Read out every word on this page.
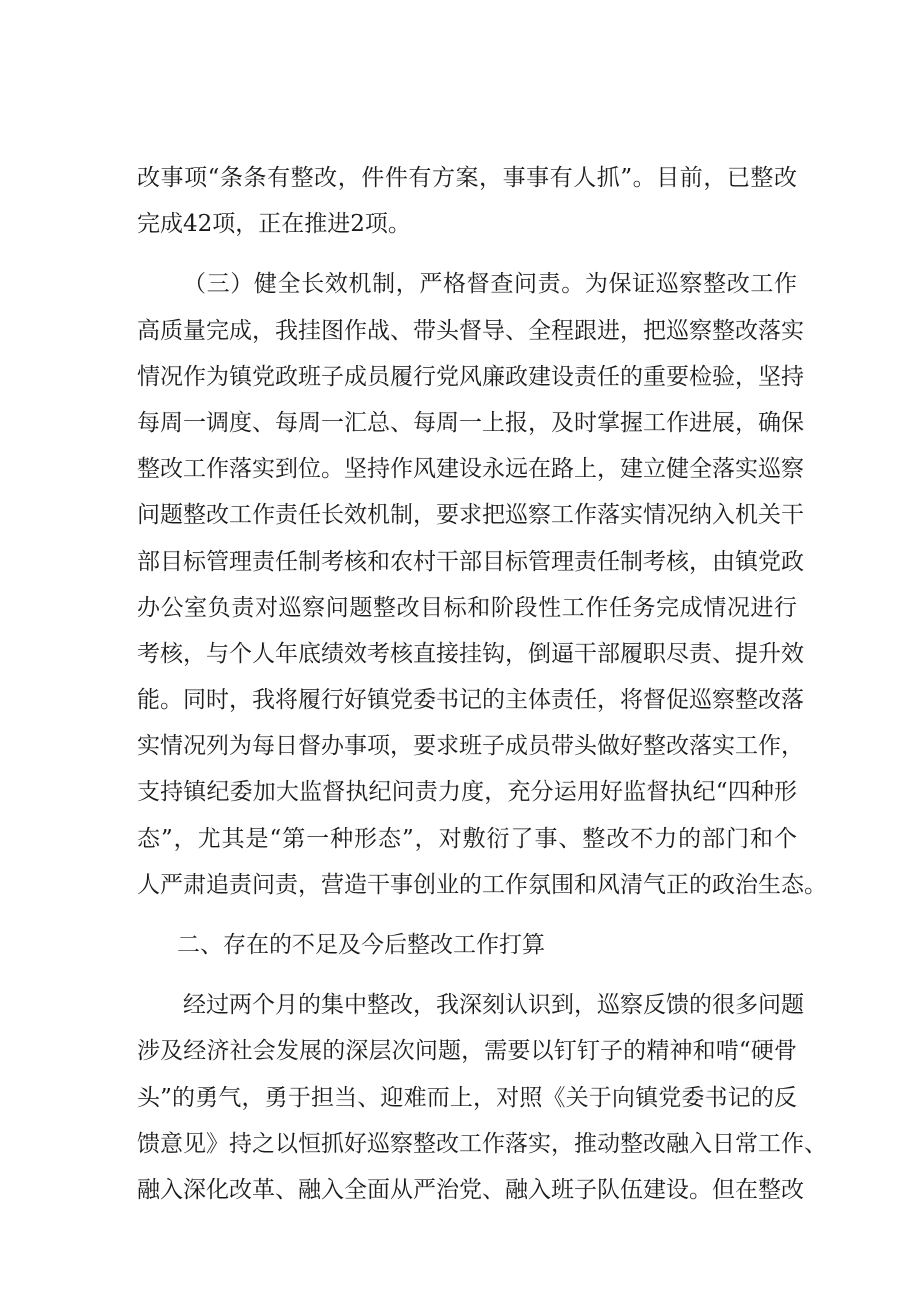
改事项“条条有整改，件件有方案，事事有人抓”。目前，已整改
完成42项，正在推进2项。
（三）健全长效机制，严格督查问责。为保证巡察整改工作
高质量完成，我挂图作战、带头督导、全程跟进，把巡察整改落实
情况作为镇党政班子成员履行党风廉政建设责任的重要检验，坚持
每周一调度、每周一汇总、每周一上报，及时掌握工作进展，确保
整改工作落实到位。坚持作风建设永远在路上，建立健全落实巡察
问题整改工作责任长效机制，要求把巡察工作落实情况纳入机关干
部目标管理责任制考核和农村干部目标管理责任制考核，由镇党政
办公室负责对巡察问题整改目标和阶段性工作任务完成情况进行
考核，与个人年底绩效考核直接挂钩，倒逼干部履职尽责、提升效
能。同时，我将履行好镇党委书记的主体责任，将督促巡察整改落
实情况列为每日督办事项，要求班子成员带头做好整改落实工作，
支持镇纪委加大监督执纪问责力度，充分运用好监督执纪“四种形
态”，尤其是“第一种形态”，对敷衍了事、整改不力的部门和个
人严肃追责问责，营造干事创业的工作氛围和风清气正的政治生态。
二、存在的不足及今后整改工作打算
经过两个月的集中整改，我深刻认识到，巡察反馈的很多问题
涉及经济社会发展的深层次问题，需要以钉钉子的精神和啃“硬骨
头”的勇气，勇于担当、迎难而上，对照《关于向镇党委书记的反
馈意见》持之以恒抓好巡察整改工作落实，推动整改融入日常工作、
融入深化改革、融入全面从严治党、融入班子队伍建设。但在整改
